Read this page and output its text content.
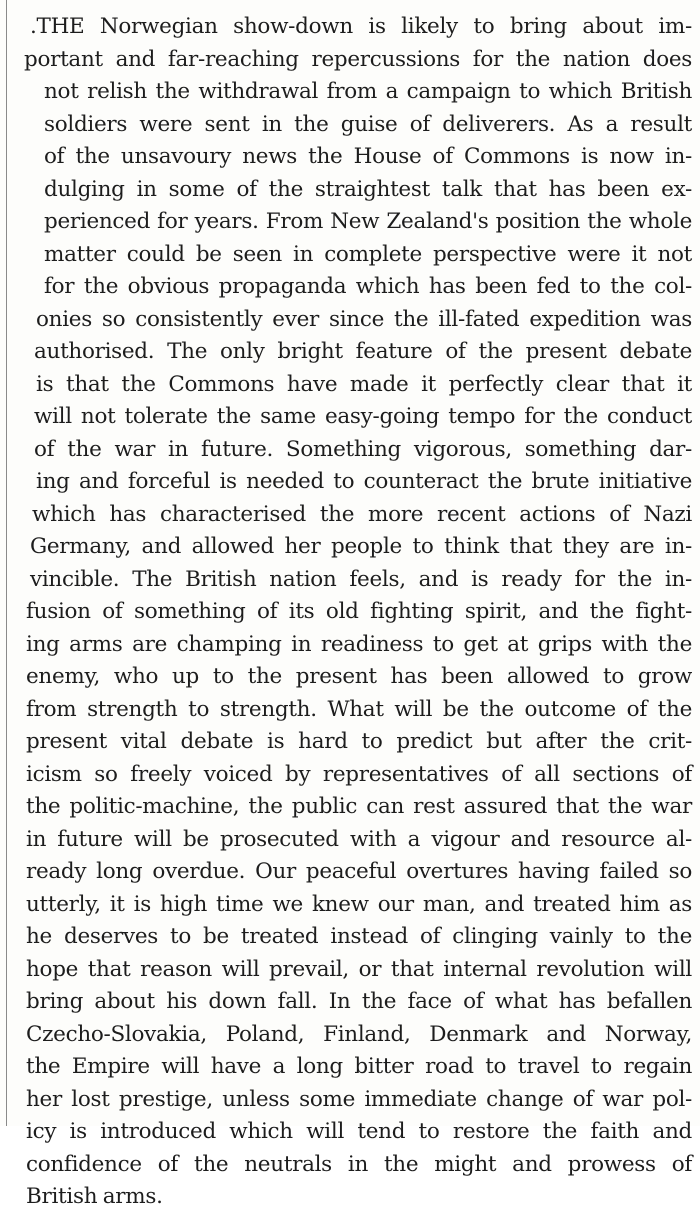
.THE Norwegian show-down is likely to bring about im-
portant and far-reaching repercussions for the nation does
not relish the withdrawal from a campaign to which British
soldiers were sent in the guise of deliverers. As a result
of the unsavoury news the House of Commons is now in-
dulging in some of the straightest talk that has been ex-
perienced for years. From New Zealand's position the whole
matter could be seen in complete perspective were it not
for the obvious propaganda which has been fed to the col-
onies so consistently ever since the ill-fated expedition was
authorised. The only bright feature of the present debate
is that the Commons have made it perfectly clear that it
will not tolerate the same easy-going tempo for the conduct
of the war in future. Something vigorous, something dar-
ing and forceful is needed to counteract the brute initiative
which has characterised the more recent actions of Nazi
Germany, and allowed her people to think that they are in-
vincible. The British nation feels, and is ready for the in-
fusion of something of its old fighting spirit, and the fight-
ing arms are champing in readiness to get at grips with the
enemy, who up to the present has been allowed to grow
from strength to strength. What will be the outcome of the
present vital debate is hard to predict but after the crit-
icism so freely voiced by representatives of all sections of
the politic-machine, the public can rest assured that the war
in future will be prosecuted with a vigour and resource al-
ready long overdue. Our peaceful overtures having failed so
utterly, it is high time we knew our man, and treated him as
he deserves to be treated instead of clinging vainly to the
hope that reason will prevail, or that internal revolution will
bring about his down fall. In the face of what has befallen
Czecho-Slovakia, Poland, Finland, Denmark and Norway,
the Empire will have a long bitter road to travel to regain
her lost prestige, unless some immediate change of war pol-
icy is introduced which will tend to restore the faith and
confidence of the neutrals in the might and prowess of
British arms.
